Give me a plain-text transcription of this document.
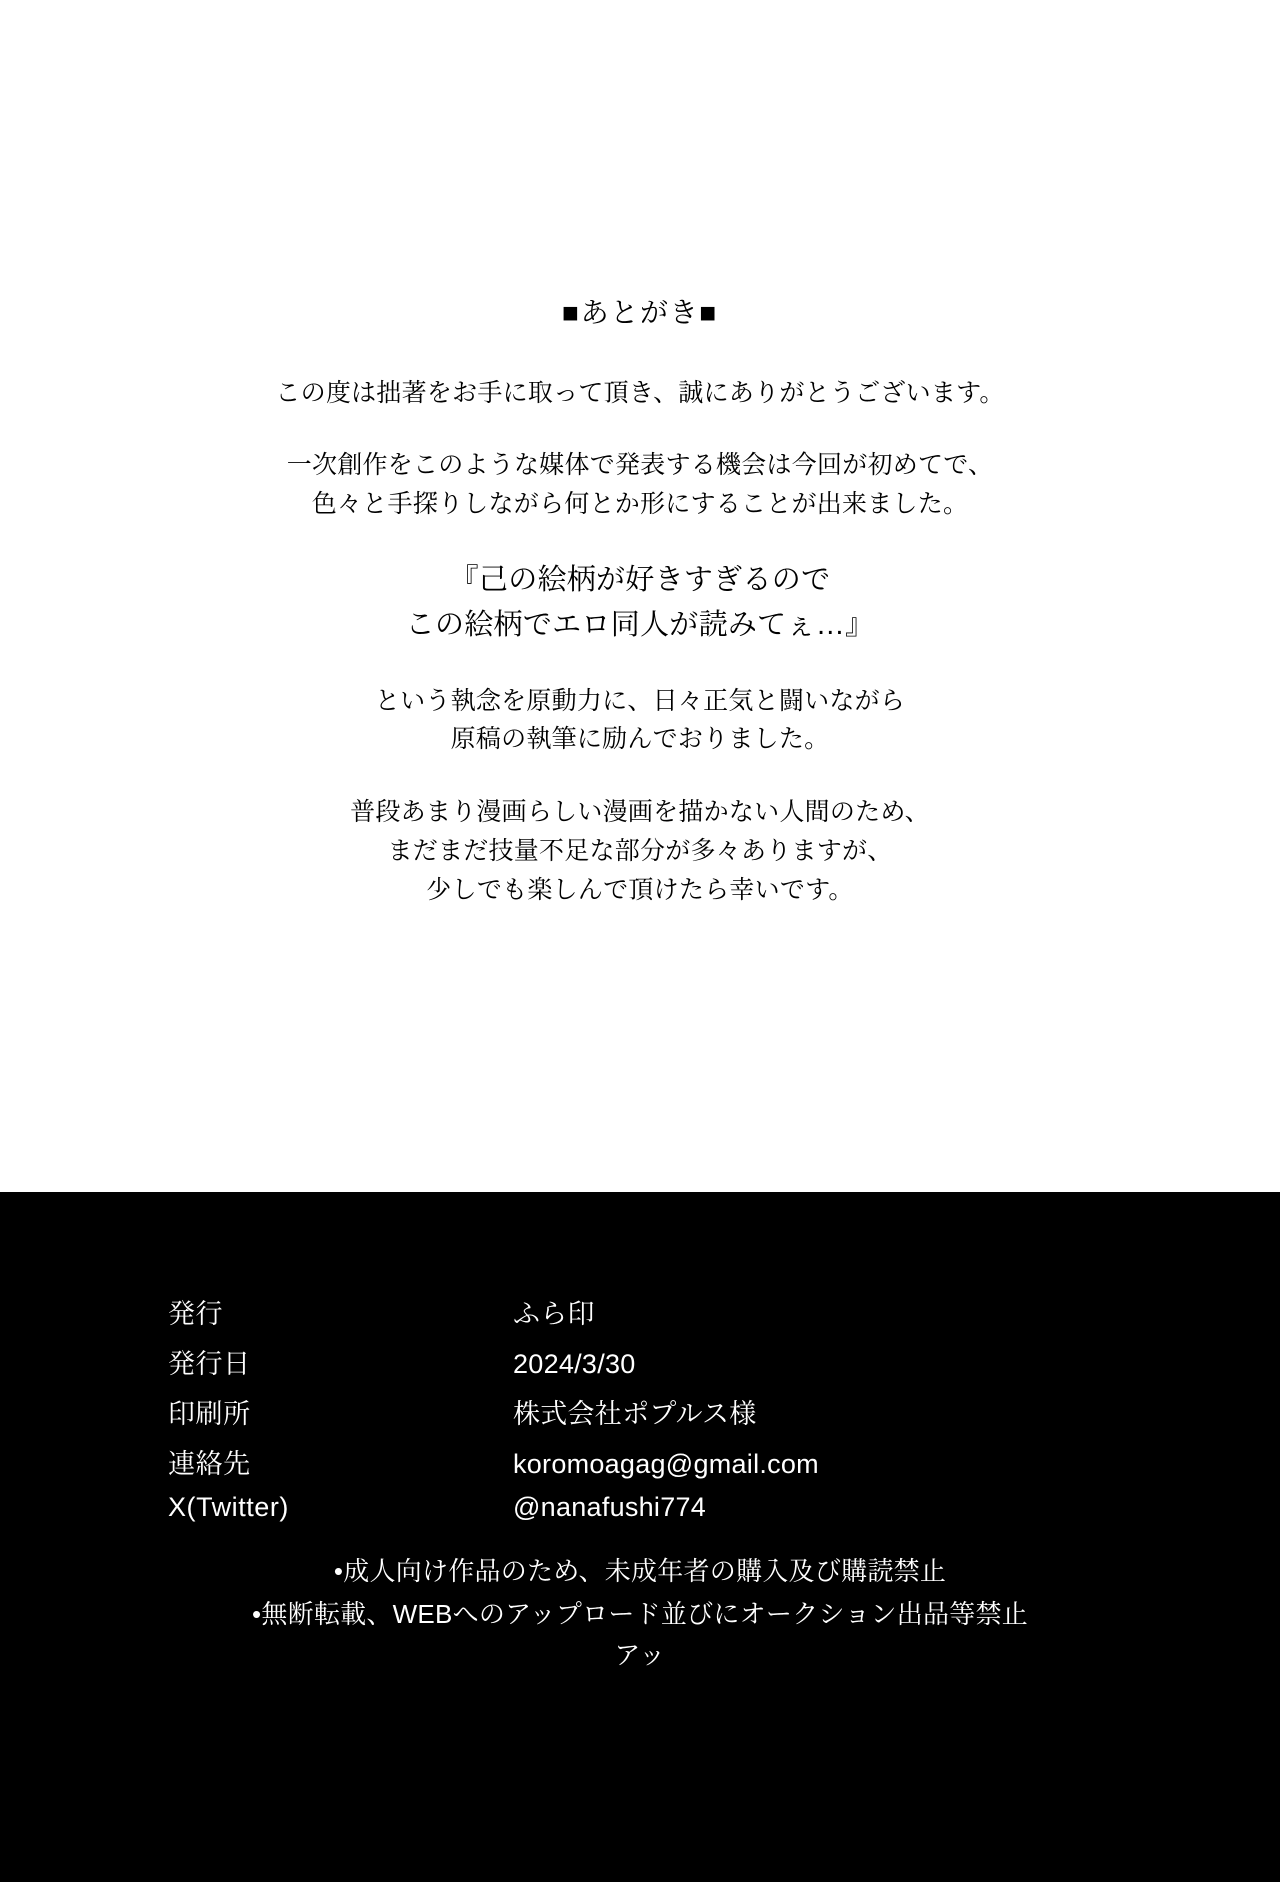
■あとがき■

この度は拙著をお手に取って頂き、誠にありがとうございます。

一次創作をこのような媒体で発表する機会は今回が初めてで、
色々と手探りしながら何とか形にすることが出来ました。

『己の絵柄が好きすぎるので
この絵柄でエロ同人が読みてぇ…』

という執念を原動力に、日々正気と闘いながら
原稿の執筆に励んでおりました。

普段あまり漫画らしい漫画を描かない人間のため、
まだまだ技量不足な部分が多々ありますが、
少しでも楽しんで頂けたら幸いです。

発行	ふら印
発行日	2024/3/30
印刷所	株式会社ポプルス様
連絡先	koromoagag@gmail.com
X(Twitter)	@nanafushi774
•成人向け作品のため、未成年者の購入及び購読禁止
•無断転載、WEBへのアップロード並びにオークション出品等禁止
アッ
